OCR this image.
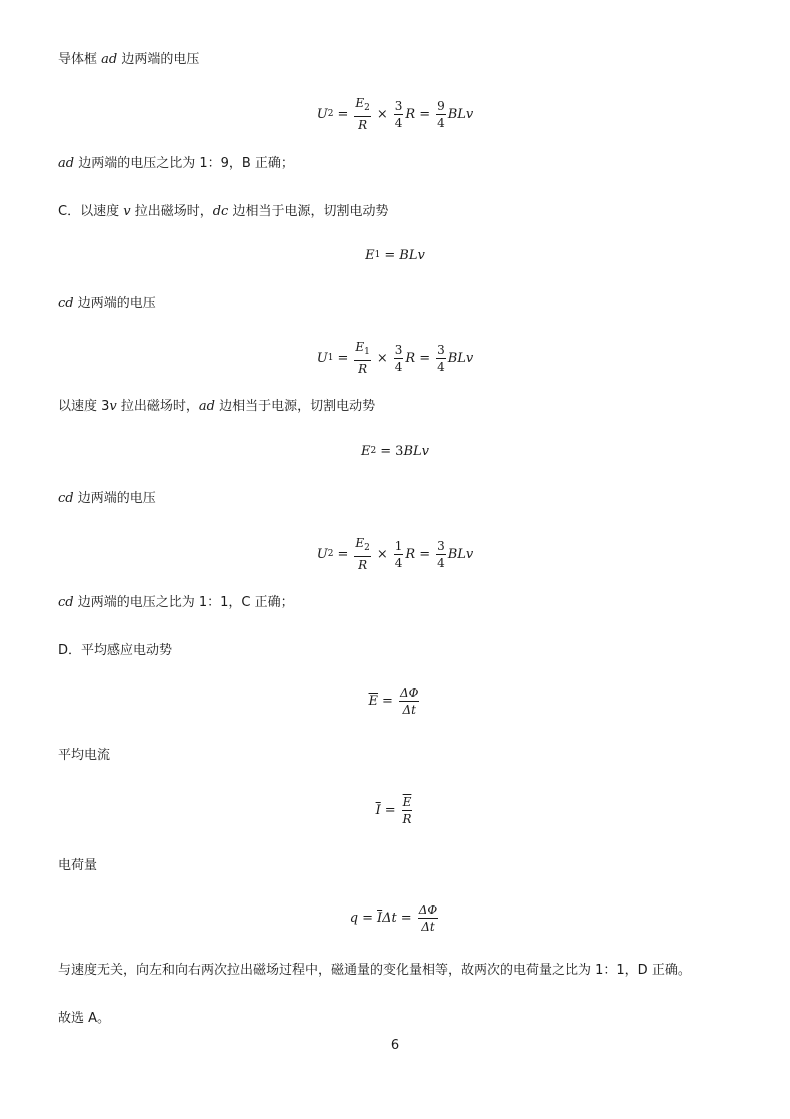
导体框 ad 边两端的电压
U $2 = \frac{E_2}{R} \times \frac{3}{4}$ $R = \frac{9}{4}$ BLv
ad 边两端的电压之比为 1：9，B 正确；
C．以速度 v 拉出磁场时，dc 边相当于电源，切割电动势
E 1 = BLv
cd 边两端的电压
U $1 = \frac{E_1}{R} \times \frac{3}{4}$ $R = \frac{3}{4}$ BLv
以速度 3v 拉出磁场时，ad 边相当于电源，切割电动势
E 2 = 3 BLv
cd 边两端的电压
U $2 = \frac{E_2}{R} \times \frac{1}{4}$ $R = \frac{3}{4}$ BLv
cd 边两端的电压之比为 1：1，C 正确；
D．平均感应电动势
$\overline{E} = \frac{\Delta\Phi}{\Delta t}$
平均电流
$\overline{I} = \frac{\overline{E}}{R}$
电荷量
$q = \overline{I}$ $\Delta t = \frac{\Delta\Phi}{\Delta t}$
与速度无关，向左和向右两次拉出磁场过程中，磁通量的变化量相等，故两次的电荷量之比为 1：1，D 正确。
故选 A。
6
